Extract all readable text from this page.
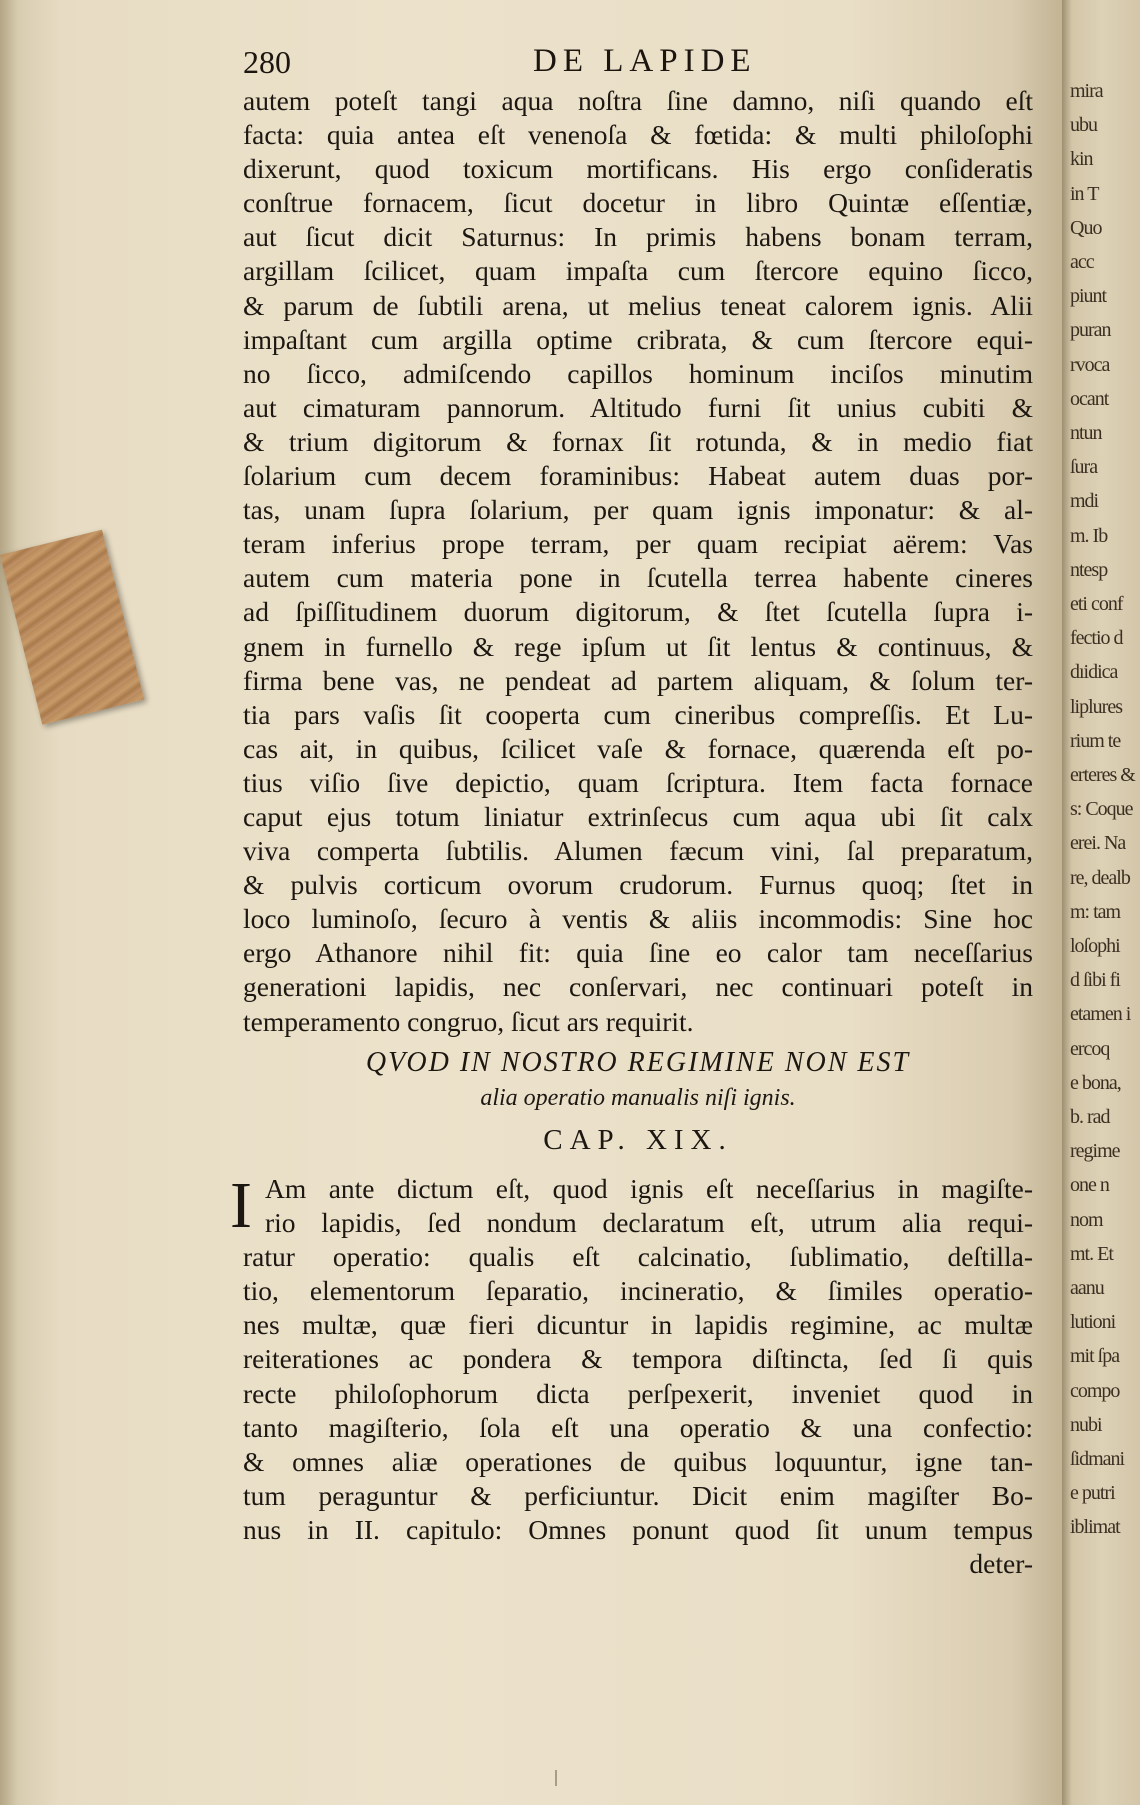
mira
ubu
kin
in T
Quo
acc
piunt
puran
rvoca
ocant
ntun
ſura
mdi
m. Ib
ntesp
eti conf
fectio d
dıidica
liplures
rium te
erteres &
s: Coque
erei. Na
re, dealb
m: tam
loſophi
d ſibi fi
etamen i
ercoq
e bona,
b. rad
regime
one n
nom
mt. Et
aanu
lutioni
mit ſpa
compo
nubi
ſidmani
e putri
iblimat
280	DE LAPIDE
autem poteſt tangi aqua noſtra ſine damno, niſi quando eſt
facta: quia antea eſt venenoſa & fœtida: & multi philoſophi
dixerunt, quod toxicum mortificans. His ergo conſideratis
conſtrue fornacem, ſicut docetur in libro Quintæ eſſentiæ,
aut ſicut dicit Saturnus: In primis habens bonam terram,
argillam ſcilicet, quam impaſta cum ſtercore equino ſicco,
& parum de ſubtili arena, ut melius teneat calorem ignis. Alii
impaſtant cum argilla optime cribrata, & cum ſtercore equi-
no ſicco, admiſcendo capillos hominum inciſos minutim
aut cimaturam pannorum. Altitudo furni ſit unius cubiti &
& trium digitorum & fornax ſit rotunda, & in medio fiat
ſolarium cum decem foraminibus: Habeat autem duas por-
tas, unam ſupra ſolarium, per quam ignis imponatur: & al-
teram inferius prope terram, per quam recipiat aërem: Vas
autem cum materia pone in ſcutella terrea habente cineres
ad ſpiſſitudinem duorum digitorum, & ſtet ſcutella ſupra i-
gnem in furnello & rege ipſum ut ſit lentus & continuus, &
firma bene vas, ne pendeat ad partem aliquam, & ſolum ter-
tia pars vaſis ſit cooperta cum cineribus compreſſis. Et Lu-
cas ait, in quibus, ſcilicet vaſe & fornace, quærenda eſt po-
tius viſio ſive depictio, quam ſcriptura. Item facta fornace
caput ejus totum liniatur extrinſecus cum aqua ubi ſit calx
viva comperta ſubtilis. Alumen fæcum vini, ſal preparatum,
& pulvis corticum ovorum crudorum. Furnus quoq; ſtet in
loco luminoſo, ſecuro à ventis & aliis incommodis: Sine hoc
ergo Athanore nihil fit: quia ſine eo calor tam neceſſarius
generationi lapidis, nec conſervari, nec continuari poteſt in
temperamento congruo, ſicut ars requirit.
QVOD IN NOSTRO REGIMINE NON EST
alia operatio manualis niſi ignis.
CAP. XIX.
I Am ante dictum eſt, quod ignis eſt neceſſarius in magiſte-
rio lapidis, ſed nondum declaratum eſt, utrum alia requi-
ratur operatio: qualis eſt calcinatio, ſublimatio, deſtilla-
tio, elementorum ſeparatio, incineratio, & ſimiles operatio-
nes multæ, quæ fieri dicuntur in lapidis regimine, ac multæ
reiterationes ac pondera & tempora diſtincta, ſed ſi quis
recte philoſophorum dicta perſpexerit, inveniet quod in
tanto magiſterio, ſola eſt una operatio & una confectio:
& omnes aliæ operationes de quibus loquuntur, igne tan-
tum peraguntur & perficiuntur. Dicit enim magiſter Bo-
nus in II. capitulo: Omnes ponunt quod ſit unum tempus
deter-
